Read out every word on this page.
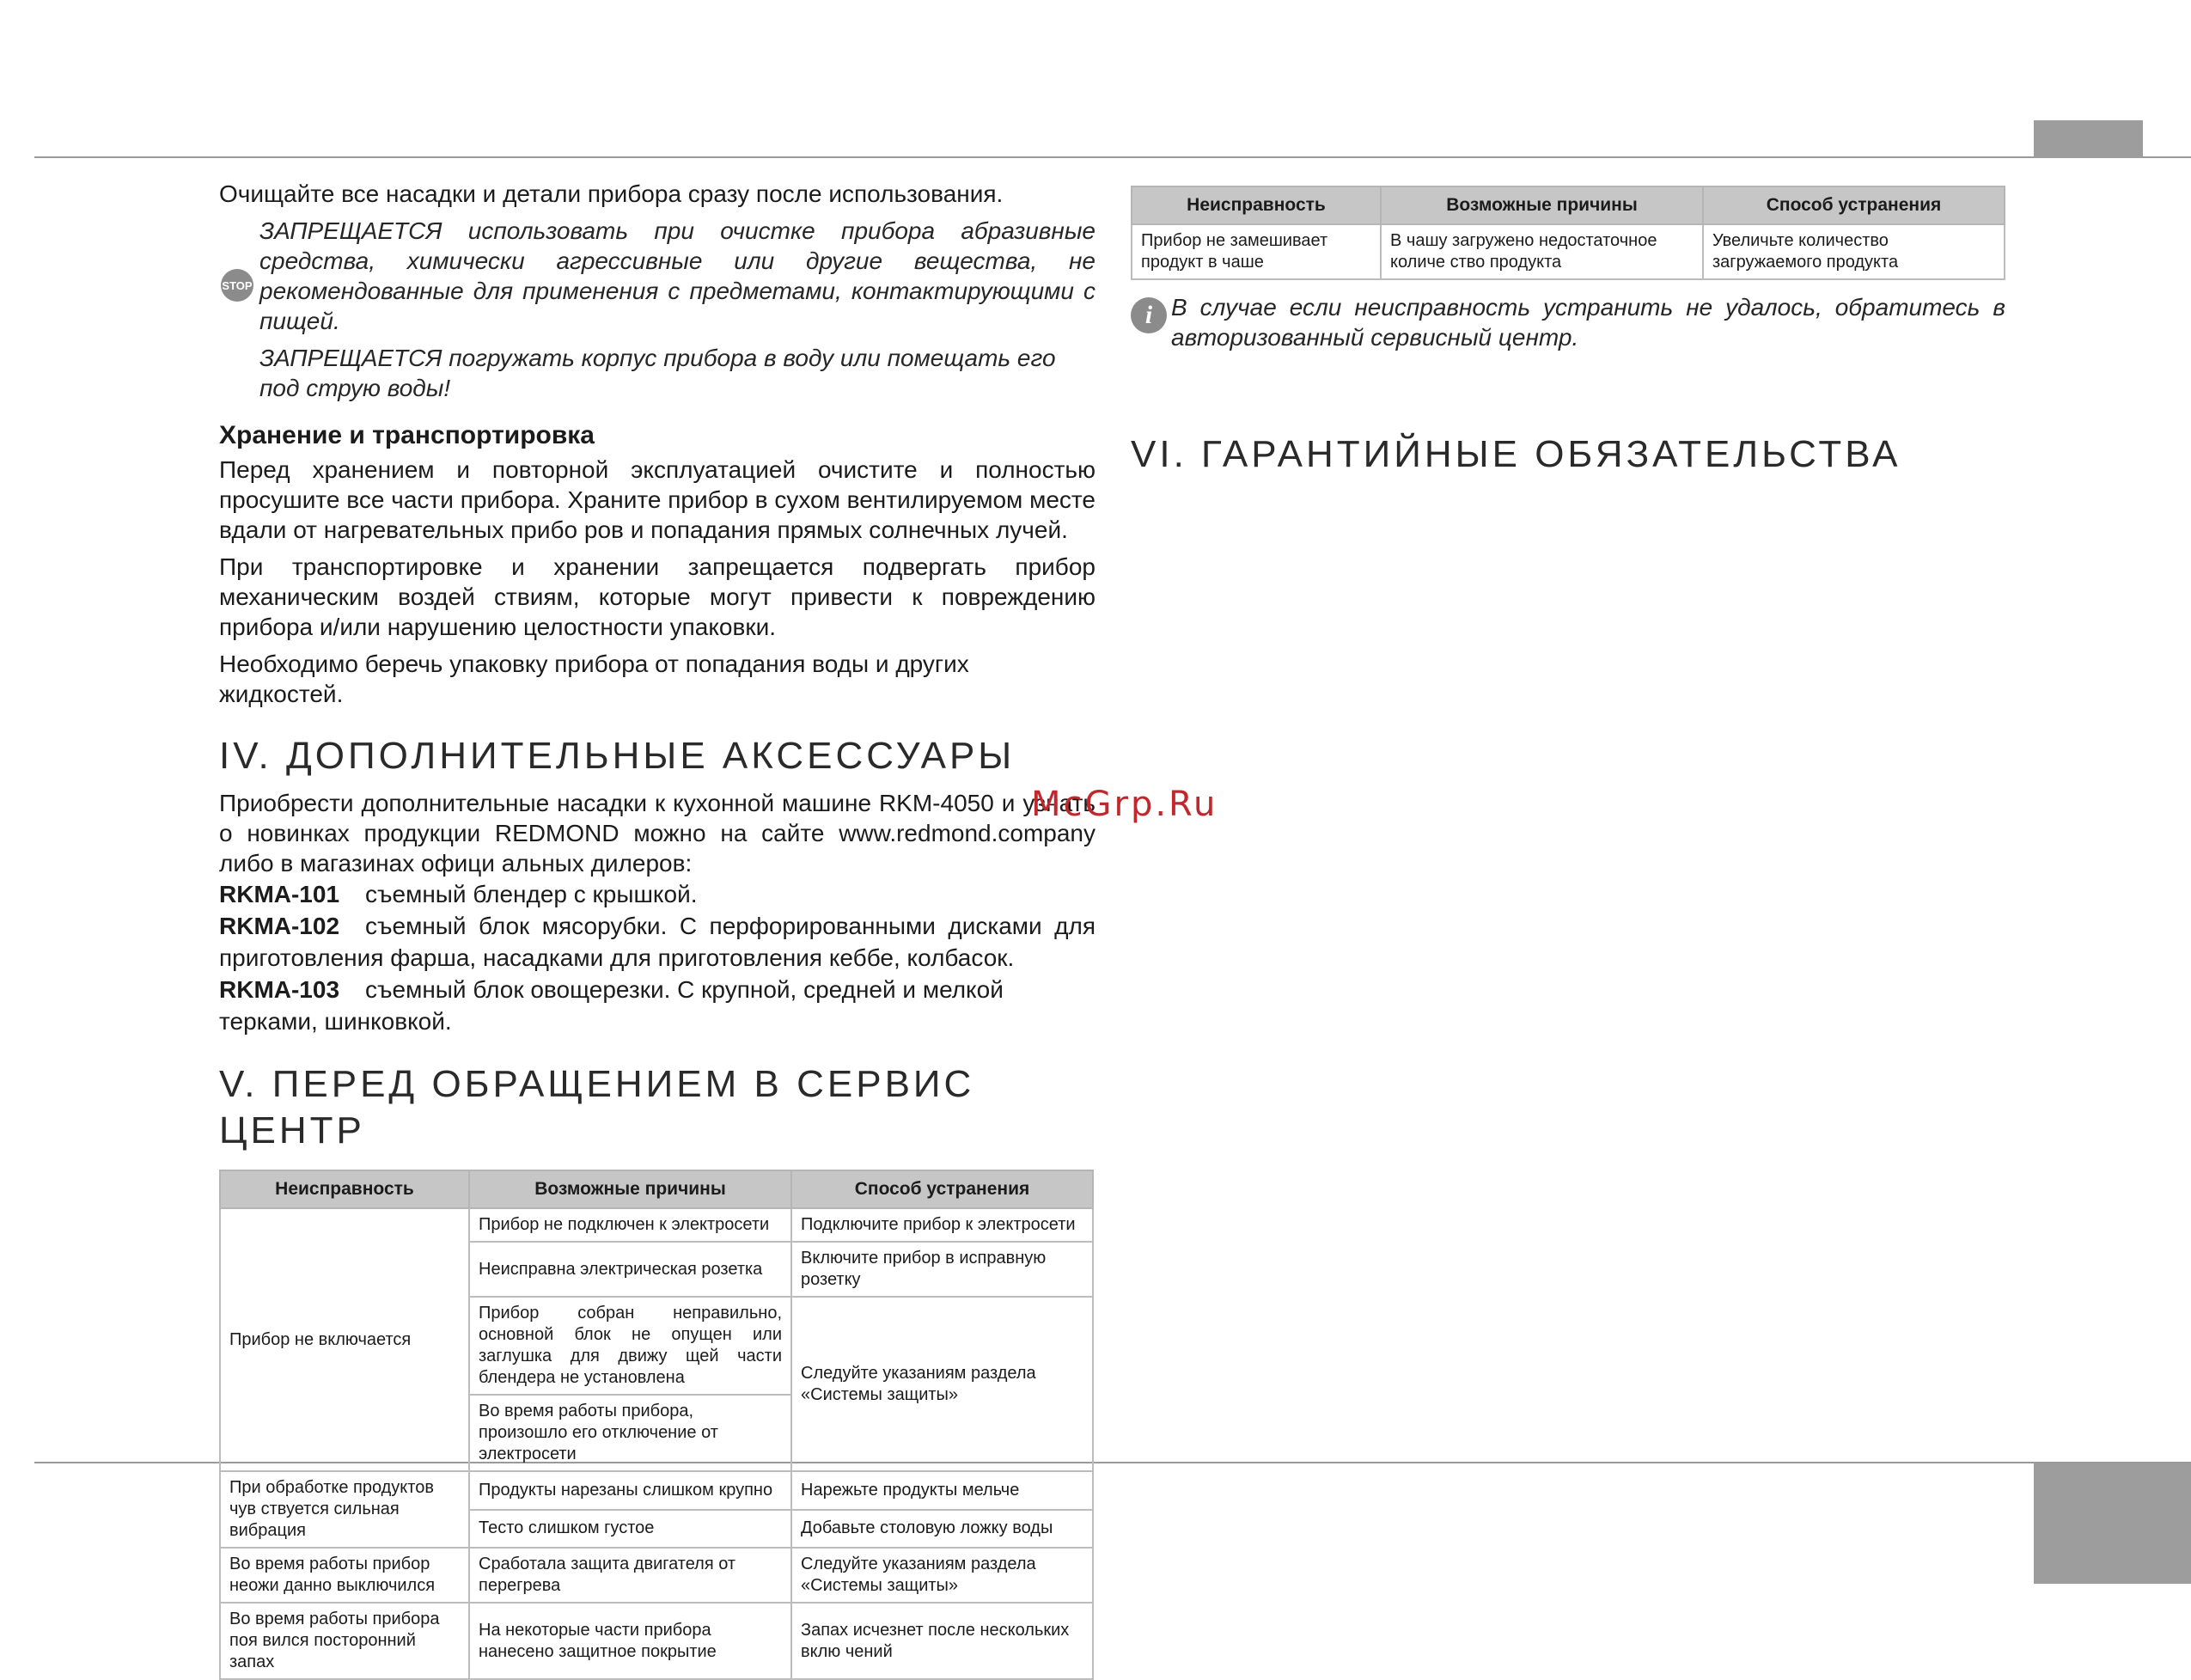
Очищайте все насадки и детали прибора сразу после использования.

STOP

ЗАПРЕЩАЕТСЯ использовать при очистке прибора абразивные средства, химически агрессивные или другие вещества, не рекомендованные для применения с предметами, контактирующими с пищей.

ЗАПРЕЩАЕТСЯ погружать корпус прибора в воду или помещать его под струю воды!

Хранение и транспортировка

Перед хранением и повторной эксплуатацией очистите и полностью просушите все части прибора. Храните прибор в сухом вентилируемом месте вдали от нагревательных прибо ров и попадания прямых солнечных лучей.

При транспортировке и хранении запрещается подвергать прибор механическим воздей ствиям, которые могут привести к повреждению прибора и/или нарушению целостности упаковки.

Необходимо беречь упаковку прибора от попадания воды и других жидкостей.

IV. ДОПОЛНИТЕЛЬНЫЕ АКСЕССУАРЫ

Приобрести дополнительные насадки к кухонной машине RKM-4050 и узнать о новинках продукции REDMOND можно на сайте www.redmond.company либо в магазинах офици альных дилеров:

RKMA-101 съемный блендер с крышкой.
RKMA-102 съемный блок мясорубки. С перфорированными дисками для приготовления фарша, насадками для приготовления кеббе, колбасок.
RKMA-103 съемный блок овощерезки. С крупной, средней и мелкой терками, шинковкой.
V. ПЕРЕД ОБРАЩЕНИЕМ В СЕРВИС ЦЕНТР
Неисправность	Возможные причины	Способ устранения
Прибор не включается	Прибор не подключен к электросети	Подключите прибор к электросети
	Неисправна электрическая розетка	Включите прибор в исправную розетку
	Прибор собран неправильно, основной блок не опущен или заглушка для движу щей части блендера не установлена	Следуйте указаниям раздела «Системы защиты»
	Во время работы прибора, произошло его отключение от электросети	
При обработке продуктов чув ствуется сильная вибрация	Продукты нарезаны слишком крупно	Нарежьте продукты мельче
	Тесто слишком густое	Добавьте столовую ложку воды
Во время работы прибор неожи данно выключился	Сработала защита двигателя от перегрева	Следуйте указаниям раздела «Системы защиты»
Во время работы прибора поя вился посторонний запах	На некоторые части прибора нанесено защитное покрытие	Запах исчезнет после нескольких вклю чений
Неисправность	Возможные причины	Способ устранения
Прибор не замешивает продукт в чаше	В чашу загружено недостаточное количе ство продукта	Увеличьте количество загружаемого продукта
i В случае если неисправность устранить не удалось, обратитесь в авторизованный сервисный центр.

VI. ГАРАНТИЙНЫЕ ОБЯЗАТЕЛЬСТВА
McGrp.Ru
